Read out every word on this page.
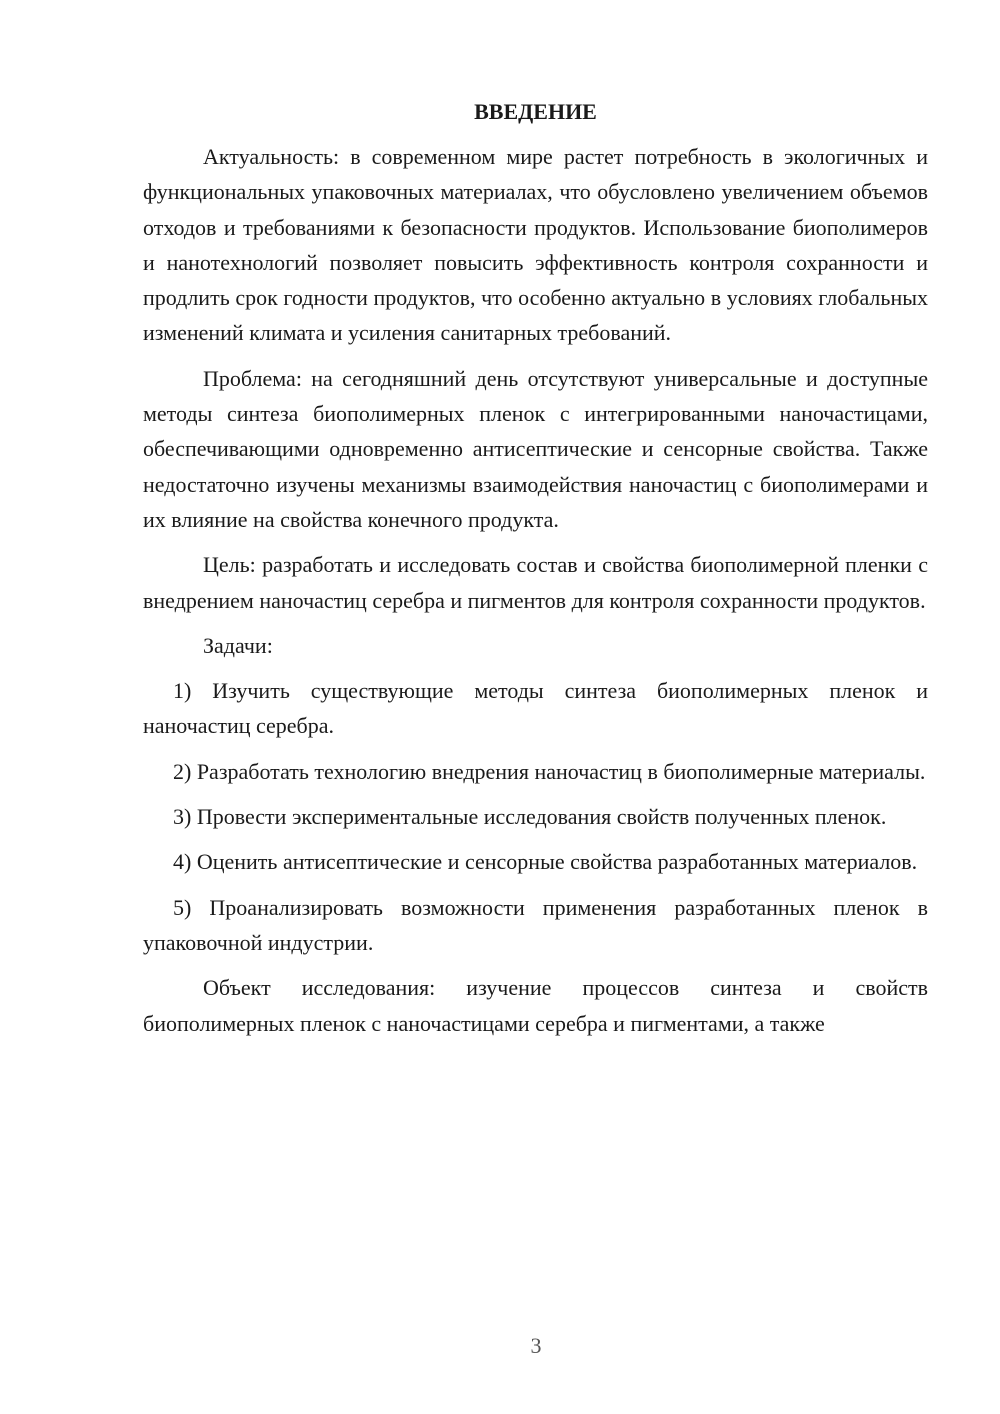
ВВЕДЕНИЕ

Актуальность: в современном мире растет потребность в экологичных и функциональных упаковочных материалах, что обусловлено увеличением объемов отходов и требованиями к безопасности продуктов. Использование биополимеров и нанотехнологий позволяет повысить эффективность контроля сохранности и продлить срок годности продуктов, что особенно актуально в условиях глобальных изменений климата и усиления санитарных требований.

Проблема: на сегодняшний день отсутствуют универсальные и доступные методы синтеза биополимерных пленок с интегрированными наночастицами, обеспечивающими одновременно антисептические и сенсорные свойства. Также недостаточно изучены механизмы взаимодействия наночастиц с биополимерами и их влияние на свойства конечного продукта.

Цель: разработать и исследовать состав и свойства биополимерной пленки с внедрением наночастиц серебра и пигментов для контроля сохранности продуктов.

Задачи:

1) Изучить существующие методы синтеза биополимерных пленок и наночастиц серебра.

2) Разработать технологию внедрения наночастиц в биополимерные материалы.

3) Провести экспериментальные исследования свойств полученных пленок.

4) Оценить антисептические и сенсорные свойства разработанных материалов.

5) Проанализировать возможности применения разработанных пленок в упаковочной индустрии.

Объект исследования: изучение процессов синтеза и свойств биополимерных пленок с наночастицами серебра и пигментами, а также

3
